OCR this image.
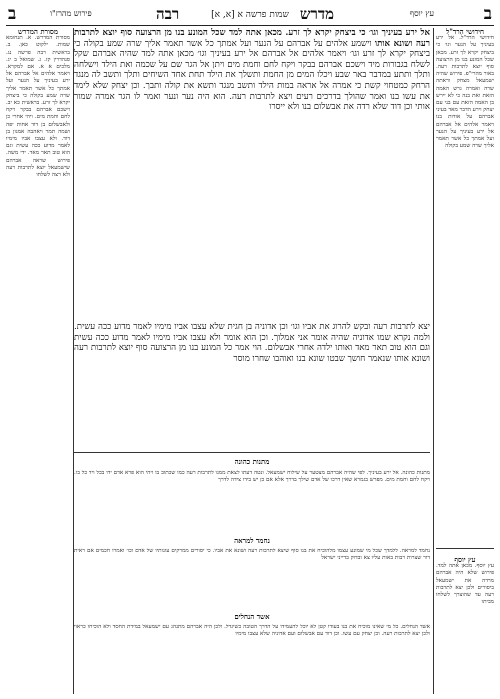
ב
מדרש	עץ יוסף
שמות פרשה א [א, א]
פירוש מהרז"ו	רבה
ב
חידושי הרד"ל
חידושי הרד"ל. אל ירע בעיניך על הנער וגו׳ כי ביצחק יקרא לך זרע. מכאן שכל המונע בנו מן הרצועה סוף יוצא לתרבות רעה. באור מהרי"פ. פירוש שהיה ישמעאל מצחק וראתה שרה ואמרה גרש האמה הזאת ואת בנה כי לא יירש בן האמה הזאת עם בני עם יצחק וירע הדבר מאד בעיני אברהם על אודות בנו ויאמר אלהים אל אברהם אל ירע בעיניך על הנער ועל אמתך כל אשר תאמר אליך שרה שמע בקולה
עץ יוסף
עץ יוסף. מכאן אתה למד. פירוש שלא היה אברהם מרדה את ישמעאל ביסורים ולכן יצא לתרבות רעה עד שהוצרך לשלחו מביתו
מסורת המדרש
מסורת המדרש. א. תנחומא שמות. ילקוט כאן. ב. בראשית רבה פרשה נג. סנהדרין קז. ג. שמואל ב יג. מלכים א א. אם למקרא. ויאמר אלהים אל אברהם אל ירע בעיניך על הנער ועל אמתך כל אשר תאמר אליך שרה שמע בקולה כי ביצחק יקרא לך זרע. בראשית כא יב. וישכם אברהם בבקר ויקח לחם וחמת מים. ויהי אחרי כן ולאבשלום בן דוד אחות יפה ושמה תמר ויאהבה אמנון בן דוד. ולא עצבו אביו מימיו לאמר מדוע ככה עשית וגם הוא טוב תאר מאד. ידי משה. פירוש שראה אברהם שישמעאל יוצא לתרבות רעה ולא רצה לשלחו
אל ירע בעיניך וגו׳ כי ביצחק יקרא לך זרע. מכאן אתה למד שכל המונע בנו מן הרצועה סוף יוצא לתרבות רעה ושונא אותו וישמע אלהים על אברהם על הנער ועל אמתך כל אשר תאמר אליך שרה שמע בקולה כי ביצחק יקרא לך זרע וגו׳ ויאמר אלהים אל אברהם אל ירע בעיניך וגו׳ מכאן אתה למד שהיה אברהם שקל לשלח בגבורות מיד וישכם אברהם בבקר ויקח לחם וחמת מים ויתן אל הגר שם על שכמה ואת הילד וישלחה ותלך ותתע במדבר באר שבע ויכלו המים מן החמת ותשלך את הילד תחת אחד השיחים ותלך ותשב לה מנגד הרחק כמטחוי קשת כי אמרה אל אראה במות הילד ותשב מנגד ותשא את קולה ותבך. וכן יצחק שלא לימד את עשו בנו ואמר שהולך בדרכים רעים ויצא לתרבות רעה. הוא היה נער ונער ואמר לו הגר אמרה שמור אותי וכן דוד שלא רדה את אבשלום בנו ולא ייסרו
יצא לתרבות רעה ובקש להרוג את אביו וגו׳ וכן אדוניה בן חגית שלא עצבו אביו מימיו לאמר מדוע ככה עשית. ולמה נקרא שמו אדוניה שהיה אומר אני אמלוך. וכן הוא אומר ולא עצבו אביו מימיו לאמר מדוע ככה עשית וגם הוא טוב תאר מאד ואותו ילדה אחרי אבשלום. הוי אמר כל המונע בנו מן הרצועה סוף יוצא לתרבות רעה ושונא אותו שנאמר חושך שבטו שונא בנו ואוהבו שחרו מוסר
מתנות כהונה
מתנות כהונה. אל ירע בעיניך. לפי שהיה אברהם מצטער על שילוח ישמעאל. ונטה דעתו לצאת ממנו לתרבות רעה כמו שכתוב בו ויהי הוא פרא אדם ידו בכל ויד כל בו. ויקח לחם וחמת מים. מפרש בגמרא שאין דרכו של אדם שילך בדרך אלא אם כן יש בידו צידה לדרך
נחמד למראה
נחמד למראה. ללמדך שכל מי שמונע עצמו מלהוכיח את בנו סוף שיצא לתרבות רעה ושונא את אביו. כי יסורים ממרקים עונותיו של אדם וכו׳ ואמרו חכמים אם ראית דור שצרות רבות באות עליו צא ובדוק בדייני ישראל
אשד הנחלים
אשד הנחלים. כל מי שאינו מוכיח את בנו בעודו קטן לא יוכל להעמידו על הדרך הטובה כשיגדל. ולכן היה אברהם מתנהג עם ישמעאל במידת החסד ולא הוכיחו כראוי ולכן יצא לתרבות רעה. וכן יצחק עם עשו. וכן דוד עם אבשלום ועם אדוניה שלא עצבו מימיו
